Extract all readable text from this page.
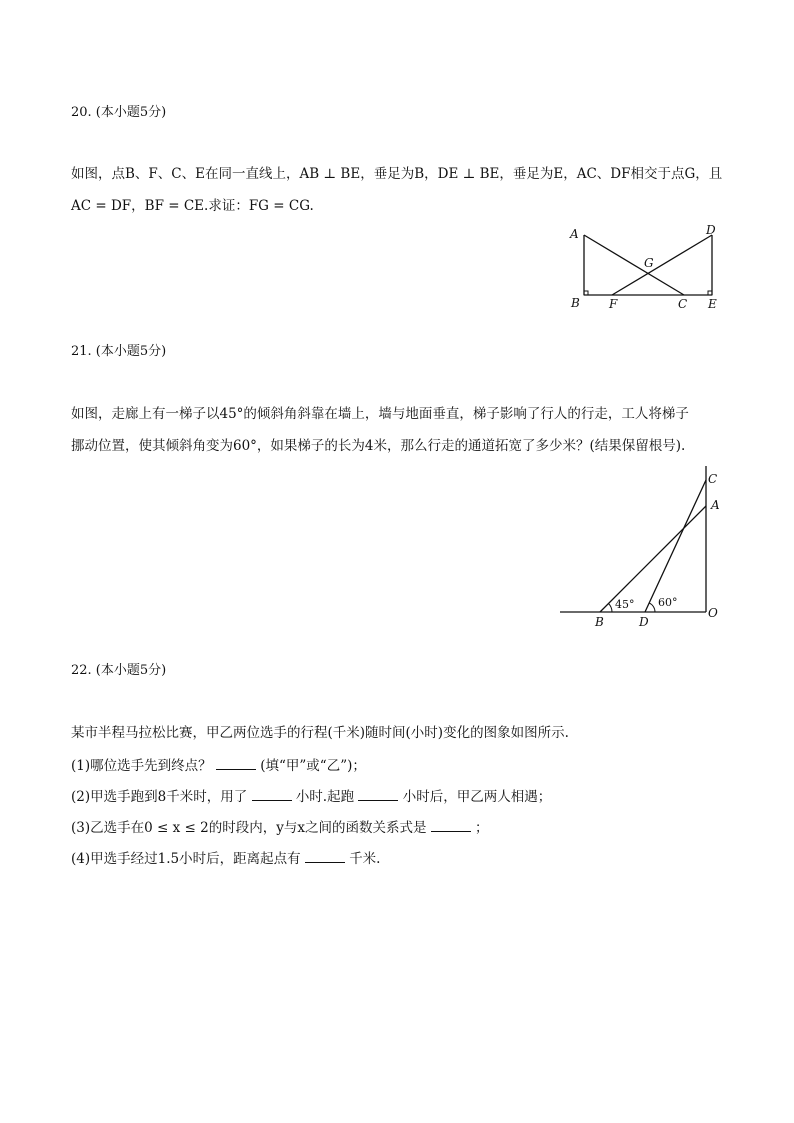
20. (本小题5分)
如图，点B、F、C、E在同一直线上，AB ⊥ BE，垂足为B，DE ⊥ BE，垂足为E，AC、DF相交于点G，且
AC = DF，BF = CE.求证：FG = CG.
A	D
G
B F	C E
21. (本小题5分)
如图，走廊上有一梯子以45°的倾斜角斜靠在墙上，墙与地面垂直，梯子影响了行人的行走，工人将梯子
挪动位置，使其倾斜角变为60°，如果梯子的长为4米，那么行走的通道拓宽了多少米？(结果保留根号).
C
A
O
B	D
45° 60°
22. (本小题5分)
某市半程马拉松比赛，甲乙两位选手的行程(千米)随时间(小时)变化的图象如图所示.
(1)哪位选手先到终点？	(填“甲”或“乙”)；
(2)甲选手跑到8千米时，用了	小时.起跑	小时后，甲乙两人相遇；
(3)乙选手在0 ≤ x ≤ 2的时段内，y与x之间的函数关系式是	；
(4)甲选手经过1.5小时后，距离起点有	千米.
